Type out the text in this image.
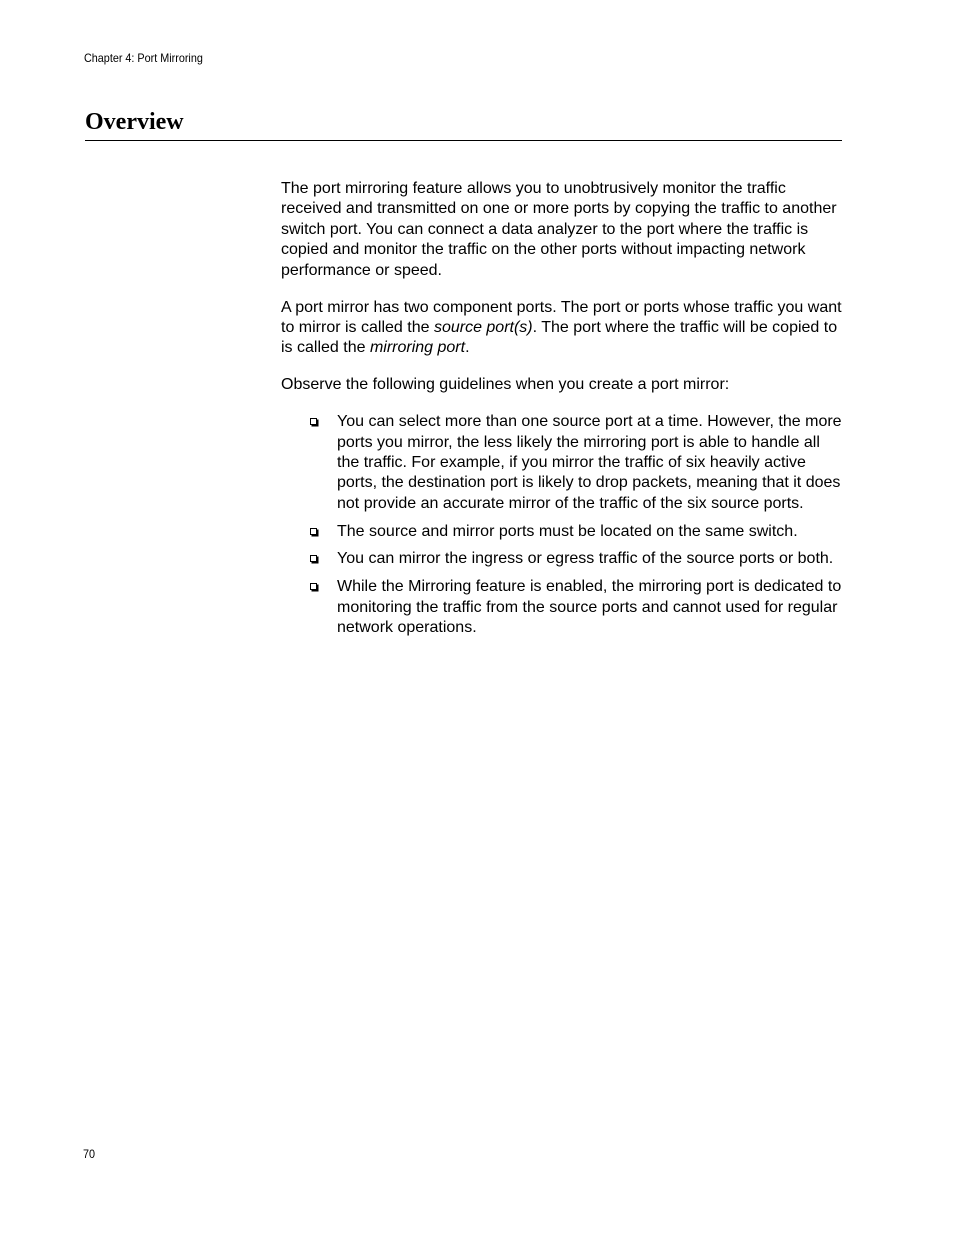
Chapter 4: Port Mirroring
Overview

The port mirroring feature allows you to unobtrusively monitor the traffic received and transmitted on one or more ports by copying the traffic to another switch port. You can connect a data analyzer to the port where the traffic is copied and monitor the traffic on the other ports without impacting network performance or speed.

A port mirror has two component ports. The port or ports whose traffic you want to mirror is called the source port(s). The port where the traffic will be copied to is called the mirroring port.

Observe the following guidelines when you create a port mirror:

You can select more than one source port at a time. However, the more ports you mirror, the less likely the mirroring port is able to handle all the traffic. For example, if you mirror the traffic of six heavily active ports, the destination port is likely to drop packets, meaning that it does not provide an accurate mirror of the traffic of the six source ports.
The source and mirror ports must be located on the same switch.
You can mirror the ingress or egress traffic of the source ports or both.
While the Mirroring feature is enabled, the mirroring port is dedicated to monitoring the traffic from the source ports and cannot used for regular network operations.
70
